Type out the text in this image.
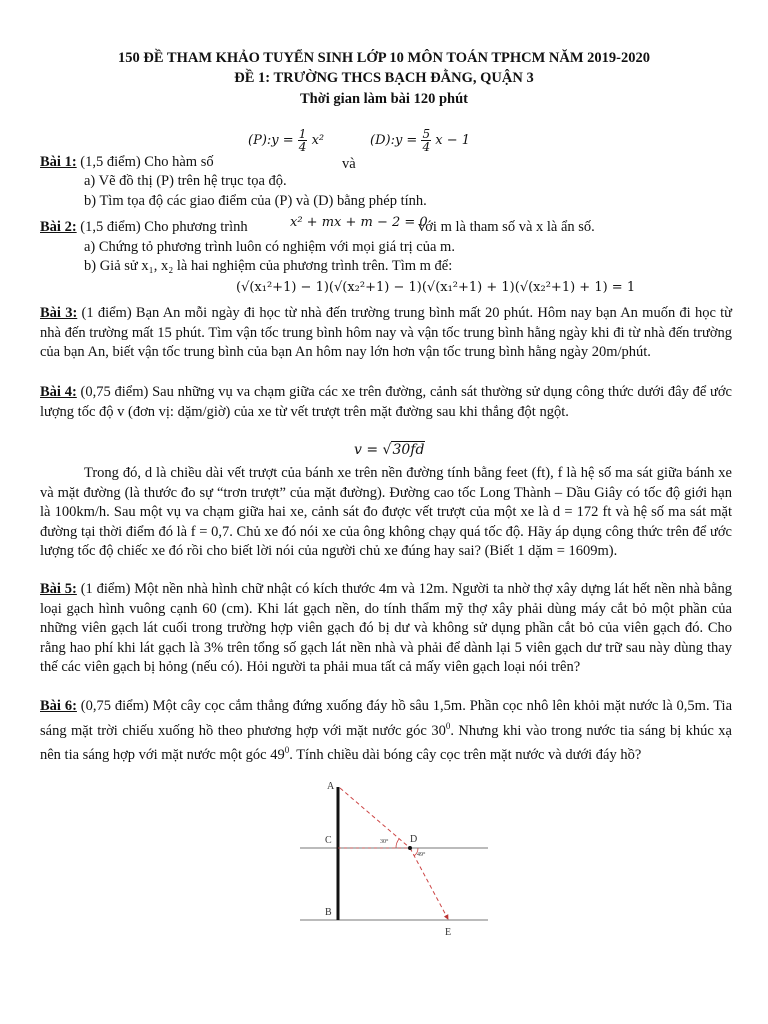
150 ĐỀ THAM KHẢO TUYỂN SINH LỚP 10 MÔN TOÁN TPHCM NĂM 2019-2020
ĐỀ 1: TRƯỜNG THCS BẠCH ĐẰNG, QUẬN 3
Thời gian làm bài 120 phút
(P):y = $\frac{1}{4} x^2$	(D):y = $\frac{5}{4}$ x − 1
Bài 1: (1,5 điểm) Cho hàm số	và
a) Vẽ đồ thị (P) trên hệ trục tọa độ.
b) Tìm tọa độ các giao điểm của (P) và (D) bằng phép tính.
Bài 2: (1,5 điểm) Cho phương trình	x² + mx + m − 2 = 0
với m là tham số và x là ẩn số.
a) Chứng tỏ phương trình luôn có nghiệm với mọi giá trị của m.
b) Giả sử x₁, x₂ là hai nghiệm của phương trình trên. Tìm m để:
(√(x₁²+1) − 1)(√(x₂²+1) − 1)(√(x₁²+1) + 1)(√(x₂²+1) + 1) = 1
Bài 3: (1 điểm) Bạn An mỗi ngày đi học từ nhà đến trường trung bình mất 20 phút. Hôm nay bạn An muốn đi học từ nhà đến trường mất 15 phút. Tìm vận tốc trung bình hôm nay và vận tốc trung bình hằng ngày khi đi từ nhà đến trường của bạn An, biết vận tốc trung bình của bạn An hôm nay lớn hơn vận tốc trung bình hằng ngày 20m/phút.
Bài 4: (0,75 điểm) Sau những vụ va chạm giữa các xe trên đường, cảnh sát thường sử dụng công thức dưới đây để ước lượng tốc độ v (đơn vị: dặm/giờ) của xe từ vết trượt trên mặt đường sau khi thắng đột ngột.
v = √30fd
Trong đó, d là chiều dài vết trượt của bánh xe trên nền đường tính bằng feet (ft), f là hệ số ma sát giữa bánh xe và mặt đường (là thước đo sự “trơn trượt” của mặt đường). Đường cao tốc Long Thành – Dầu Giây có tốc độ giới hạn là 100km/h. Sau một vụ va chạm giữa hai xe, cảnh sát đo được vết trượt của một xe là d = 172 ft và hệ số ma sát mặt đường tại thời điểm đó là f = 0,7. Chủ xe đó nói xe của ông không chạy quá tốc độ. Hãy áp dụng công thức trên để ước lượng tốc độ chiếc xe đó rồi cho biết lời nói của người chủ xe đúng hay sai? (Biết 1 dặm = 1609m).
Bài 5: (1 điểm) Một nền nhà hình chữ nhật có kích thước 4m và 12m. Người ta nhờ thợ xây dựng lát hết nền nhà bằng loại gạch hình vuông cạnh 60 (cm). Khi lát gạch nền, do tính thẩm mỹ thợ xây phải dùng máy cắt bỏ một phần của những viên gạch lát cuối trong trường hợp viên gạch đó bị dư và không sử dụng phần cắt bỏ của viên gạch đó. Cho rằng hao phí khi lát gạch là 3% trên tổng số gạch lát nền nhà và phải để dành lại 5 viên gạch dư trữ sau này dùng thay thế các viên gạch bị hỏng (nếu có). Hỏi người ta phải mua tất cả mấy viên gạch loại nói trên?
Bài 6: (0,75 điểm) Một cây cọc cắm thẳng đứng xuống đáy hồ sâu 1,5m. Phần cọc nhô lên khỏi mặt nước là 0,5m. Tia sáng mặt trời chiếu xuống hồ theo phương hợp với mặt nước góc $30^0$. Nhưng khi vào trong nước tia sáng bị khúc xạ nên tia sáng hợp với mặt nước một góc $49^0$. Tính chiều dài bóng cây cọc trên mặt nước và dưới đáy hồ?
A
C	D
B
E
30°
49°
